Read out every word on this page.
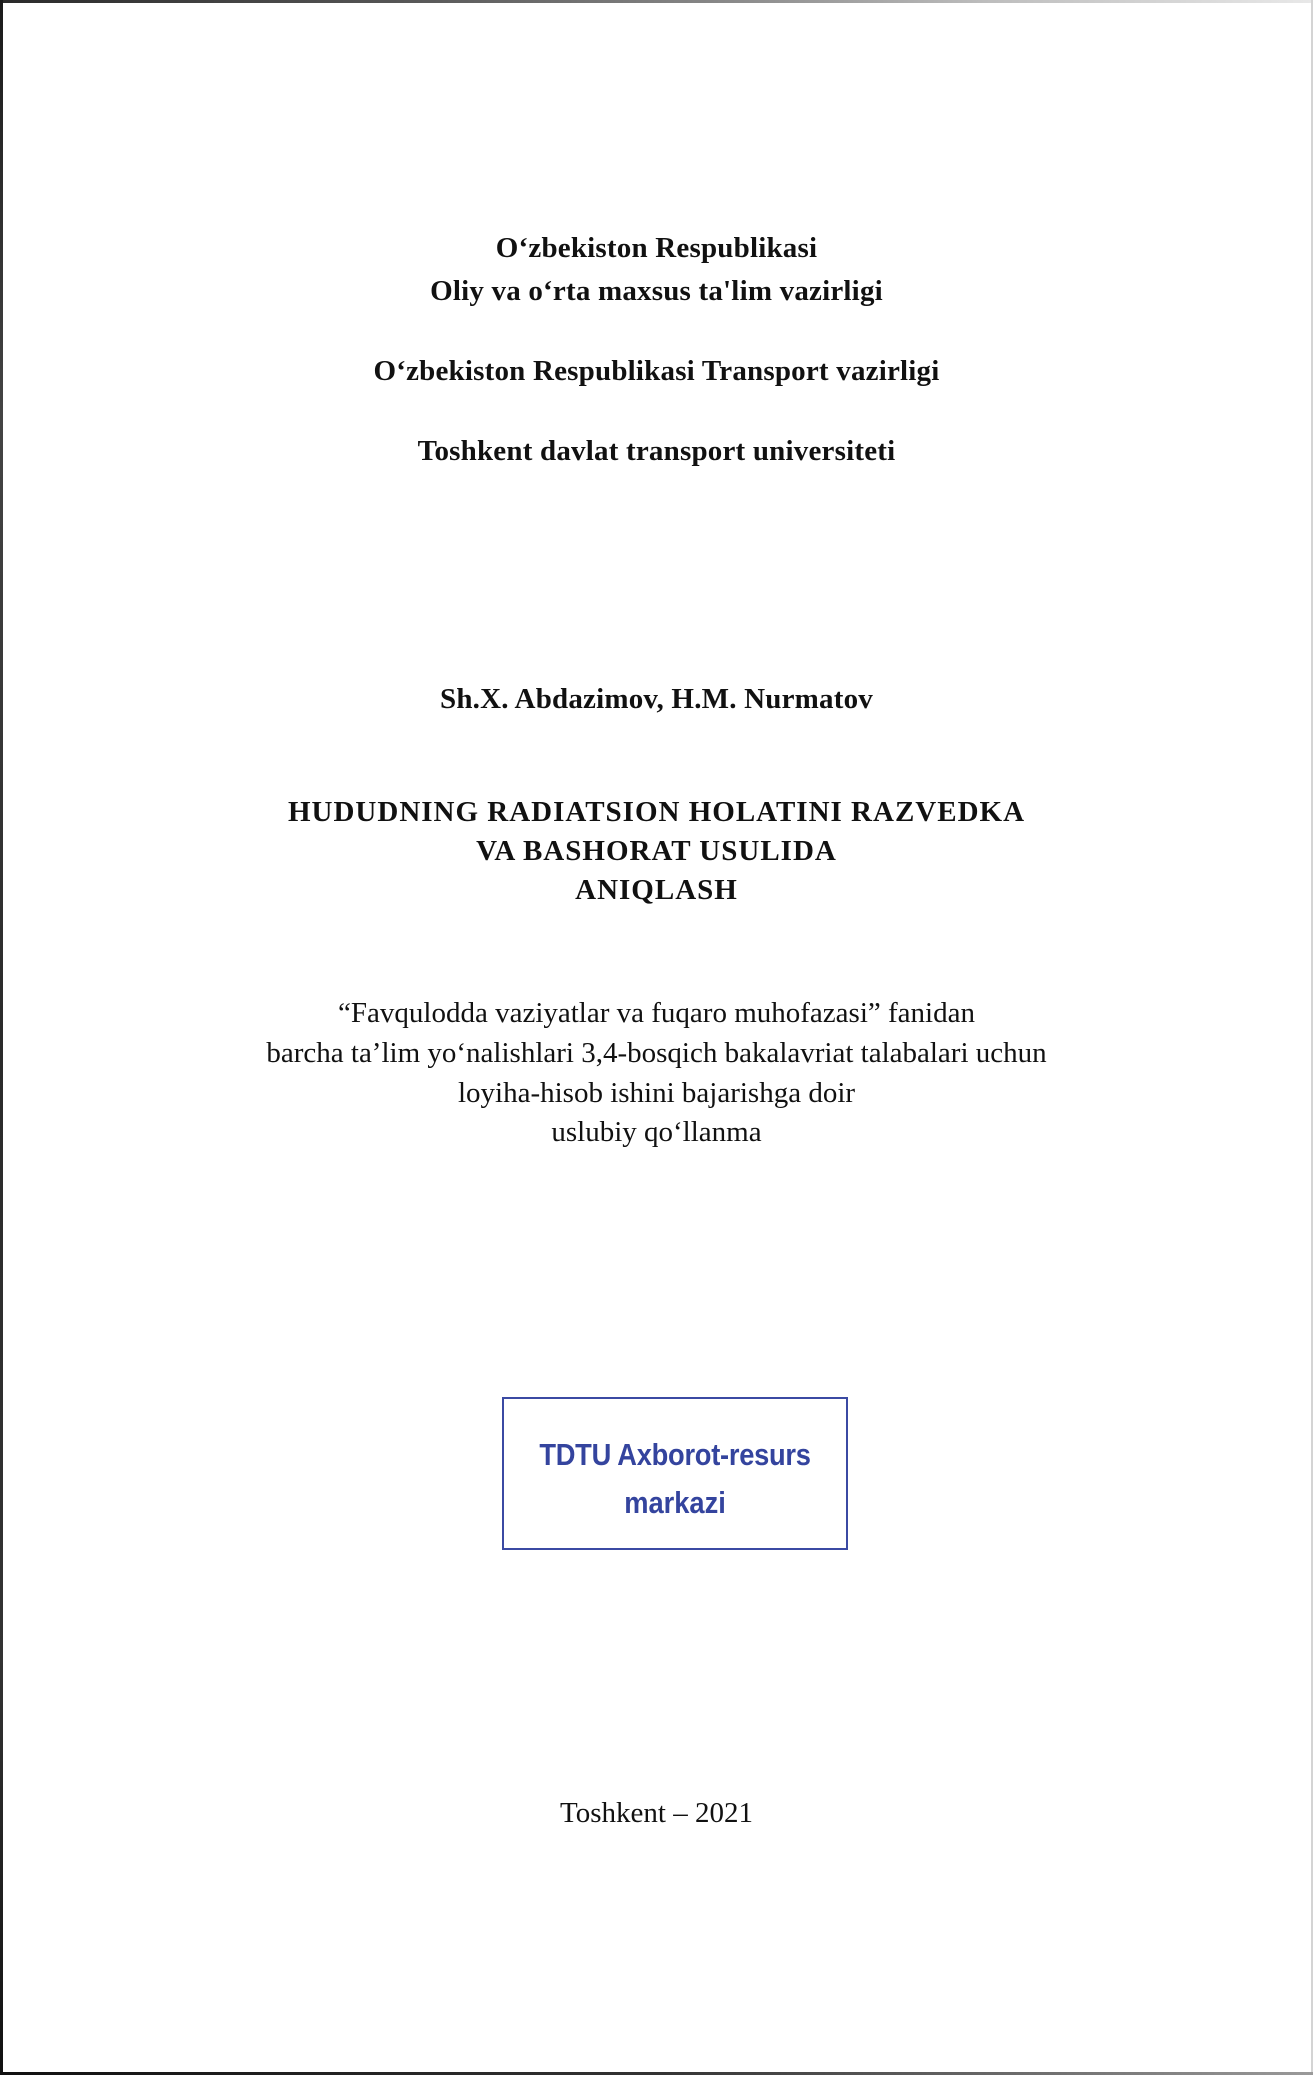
O‘zbekiston Respublikasi
Oliy va o‘rta maxsus ta'lim vazirligi
O‘zbekiston Respublikasi Transport vazirligi
Toshkent davlat transport universiteti
Sh.X. Abdazimov, H.M. Nurmatov
HUDUDNING RADIATSION HOLATINI RAZVEDKA
VA BASHORAT USULIDA
ANIQLASH
“Favqulodda vaziyatlar va fuqaro muhofazasi” fanidan
barcha ta’lim yo‘nalishlari 3,4-bosqich bakalavriat talabalari uchun
loyiha-hisob ishini bajarishga doir
uslubiy qo‘llanma
TDTU Axborot-resurs
markazi
Toshkent – 2021
